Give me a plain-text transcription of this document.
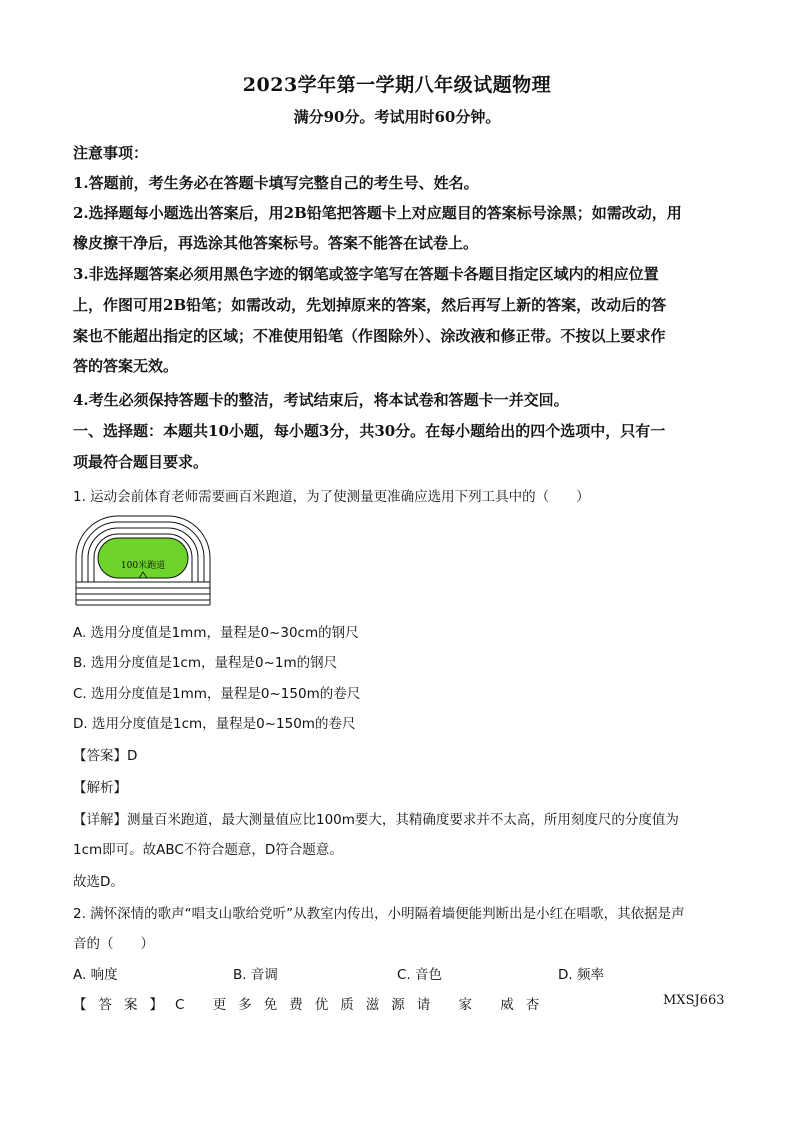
2023学年第一学期八年级试题物理
满分90分。考试用时60分钟。
注意事项：
1.答题前，考生务必在答题卡填写完整自己的考生号、姓名。
2.选择题每小题选出答案后，用2B铅笔把答题卡上对应题目的答案标号涂黑；如需改动，用
橡皮擦干净后，再选涂其他答案标号。答案不能答在试卷上。
3.非选择题答案必须用黑色字迹的钢笔或签字笔写在答题卡各题目指定区域内的相应位置
上，作图可用2B铅笔；如需改动，先划掉原来的答案，然后再写上新的答案，改动后的答
案也不能超出指定的区域；不准使用铅笔（作图除外）、涂改液和修正带。不按以上要求作
答的答案无效。
4.考生必须保持答题卡的整洁，考试结束后，将本试卷和答题卡一并交回。
一、选择题：本题共10小题，每小题3分，共30分。在每小题给出的四个选项中，只有一
项最符合题目要求。
1. 运动会前体育老师需要画百米跑道，为了使测量更准确应选用下列工具中的（　　）
100米跑道
A. 选用分度值是1mm，量程是0~30cm的钢尺
B. 选用分度值是1cm，量程是0~1m的钢尺
C. 选用分度值是1mm，量程是0~150m的卷尺
D. 选用分度值是1cm，量程是0~150m的卷尺
【答案】D
【解析】
【详解】测量百米跑道，最大测量值应比100m要大，其精确度要求并不太高，所用刻度尺的分度值为
1cm即可。故ABC不符合题意，D符合题意。
故选D。
2. 满怀深情的歌声“唱支山歌给党听”从教室内传出，小明隔着墙便能判断出是小红在唱歌，其依据是声
音的（　　）
A. 响度	B. 音调	C. 音色	D. 频率
【答案】C 更多免费优质滋源请 家 威杏	MXSJ663
